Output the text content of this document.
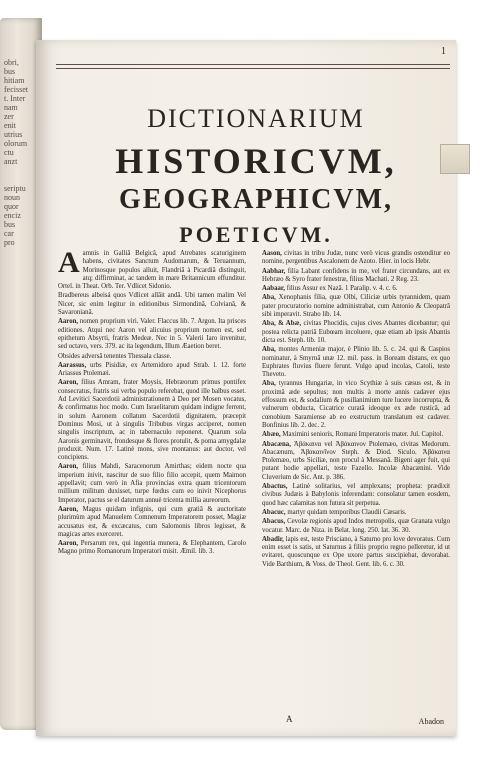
obri,
bus
hitiam
fecisset
t. Inter
nam
zer
enit
utrius
olorum
ctu
anzt

seriptu
noun
quor
enciz
bus
car
pro
1
DICTIONARIUM
HISTORICVM,
GEOGRAPHICVM,
POETICVM.

Aamnis in Galliâ Belgicâ, apud Atrebates scaturiginem habens, civitates Sanctum Audomarum, & Teruannum, Morinosque populos alluit, Flandriâ à Picardiâ distinguit, atq; diffirminat, ac tandem in mare Britannicum effunditur. Ortel. in Theat. Orb. Ter. Vdlicet Sidonio.

Bradbereus albeisá quos Vdlicet allâit andâ. Ubi tamen malim Vel Nicer, sic enim legitur in editionibus Sirmondinâ, Colvianâ, & Savaronianâ.

Aaron, nomen proprium viri. Valer. Flaccus lib. 7. Argon. Ita prisces editiones. Atqui nec Aaron vel alicuius proprium nomen est, sed epithetum Absyrti, fratris Medeæ. Nec in 5. Valerii Iaro invenitur, sed octavo, vers. 379. ac ita legendum, Illum Æaetion beret.

Obsides adversâ tenentes Thessala classe.

Aarassus, urbs Pisidiæ, ex Artemidoro apud Strab. l. 12. forte Ariassus Ptolemæi.

Aaron, filius Amram, frater Moysis, Hebræorum primus pontifex consecratus, fratris sui verba populo referebat, quod ille balbus esset. Ad Levitici Sacerdotii administrationem à Deo per Mosen vocatus, & confirmatus hoc modo. Cum Israelitarum quidam indigne ferrent, in solum Aaronem collatum Sacerdotii dignitatem, præcepit Dominus Mosi, ut à singulis Tribubus virgas acciperet, nomen singulis inscriptum, ac in tabernaculo reponeret. Quarum sola Aaronis germinavit, frondesque & flores protulit, & poma amygdalæ produxit. Num. 17. Latinè mons, sive montanus: aut doctor, vel concipiens.

Aaron, filius Mahdi, Saracenorum Amirthas; eidem nocte qua imperium inivit, nascitur de suo filio filio accepit, quem Maimon appellavit; cum verò in Afia provincias extra quam tricentorum millium militum duxisset, turpe fœdus cum eo inivit Nicephorus Imperator, pactus se el daturum annuè tricenta millia aureorum.

Aaron, Magus quidam infignis, qui cum gratiâ & auctoritate plurimùm apud Manuelem Comnenum Imperatorem posset, Magiæ accusatus est, & excæcatus, cum Salomonis libros legisset, & magicas artes exerceret.

Aaron, Persarum rex, qui ingentia munera, & Elephantem, Carolo Magno primo Romanorum Imperatori misit. Æmil. lib. 3.

Aason, civitas in tribu Judæ, nunc verò vicus grandis ostenditur eo nomine, pergentibus Ascalonem de Azoto. Hier. in locis Hebr.

Aabhar, filia Labant confidens in me, vel frater circundans, aut ex Hebræo & Syro frater fenestræ, filius Machati. 2 Reg. 23.

Aabaar, filius Assur ex Nazâ. 1 Paralip. v. 4. c. 6.

Aba, Xenophanis filia, quæ Olbi, Ciliciæ urbis tyrannidem, quam pater procuratorio nomine administrabat, cum Antonio & Cleopatrâ sibi imperavit. Strabo lib. 14.

Aba, & Abæ, civitas Phocidis, cujus cives Abantes dicebantur; qui postea relicta patriâ Eubœam incoluere, quæ etiam ab ipsis Abantis dicta est. Steph. lib. 10.

Aba, montes Armeniæ major, è Plinio lib. 5. c. 24. qui & Caspios nominatur, à Smyrnâ unæ 12. mil. pass. in Boream distans, ex quo Euphrates fluvius fluere ferunt. Vulgo apud incolas, Catoli, teste Theveto.

Aba, tyrannus Hungariæ, in vico Scythiæ à suis cæsus est, & in proximâ æde sepultus; non multis à morte annis cadaver ejus effossum est, & sodalium & pusillanimium ture lucere incorrupta, & vulnerum obducta, Cicatrice curatâ ideoque ex æde rusticâ, ad cœnobium Saramiense ab eo exstructum translatum est cadaver. Bonfinius lib. 2. dec. 2.

Abæo, Maximini senioris, Romani Imperatoris mater. Jul. Capitol.

Abacæna, Ἀβάκαινα vel Ἀβάκαινον Ptolemæo, civitas Medorum. Abacænum, Ἀβακαινῖνον Steph. & Diod. Siculo. Ἀβάκαινα Ptolemæo, urbs Siciliæ, non procul à Messanâ. Bigeni ager fuit, qui putant hodie appellari, teste Fazello. Incolæ Abacænini. Vide Cluverium de Sic. Ant. p. 386.

Abactus, Latinè solitarius, vel amplexans; propheta: prædixit civibus Judæis à Babylonis inferendam: consolatur tamen eosdem, quod hæc calamitas non futura sit perpetua.

Abacuc, martyr quidam temporibus Claudii Cæsaris.

Abacus, Cevolæ regionis apud Indos metropolis, quæ Granata vulgo vocatur. Marc. de Niza. in Belat. long. 250. lat. 36. 30.

Abadir, lapis est, teste Prisciano, à Saturno pro love devoratus. Cum enim esset is satis, ut Saturnus à filiis proprio regno pelleretur, id ut evitaret, quoscunque ex Ope uxore partus suscipiebat, devorabat. Vide Barthium, & Voss. de Theol. Gent. lib. 6. c. 30.

A	Abadon
